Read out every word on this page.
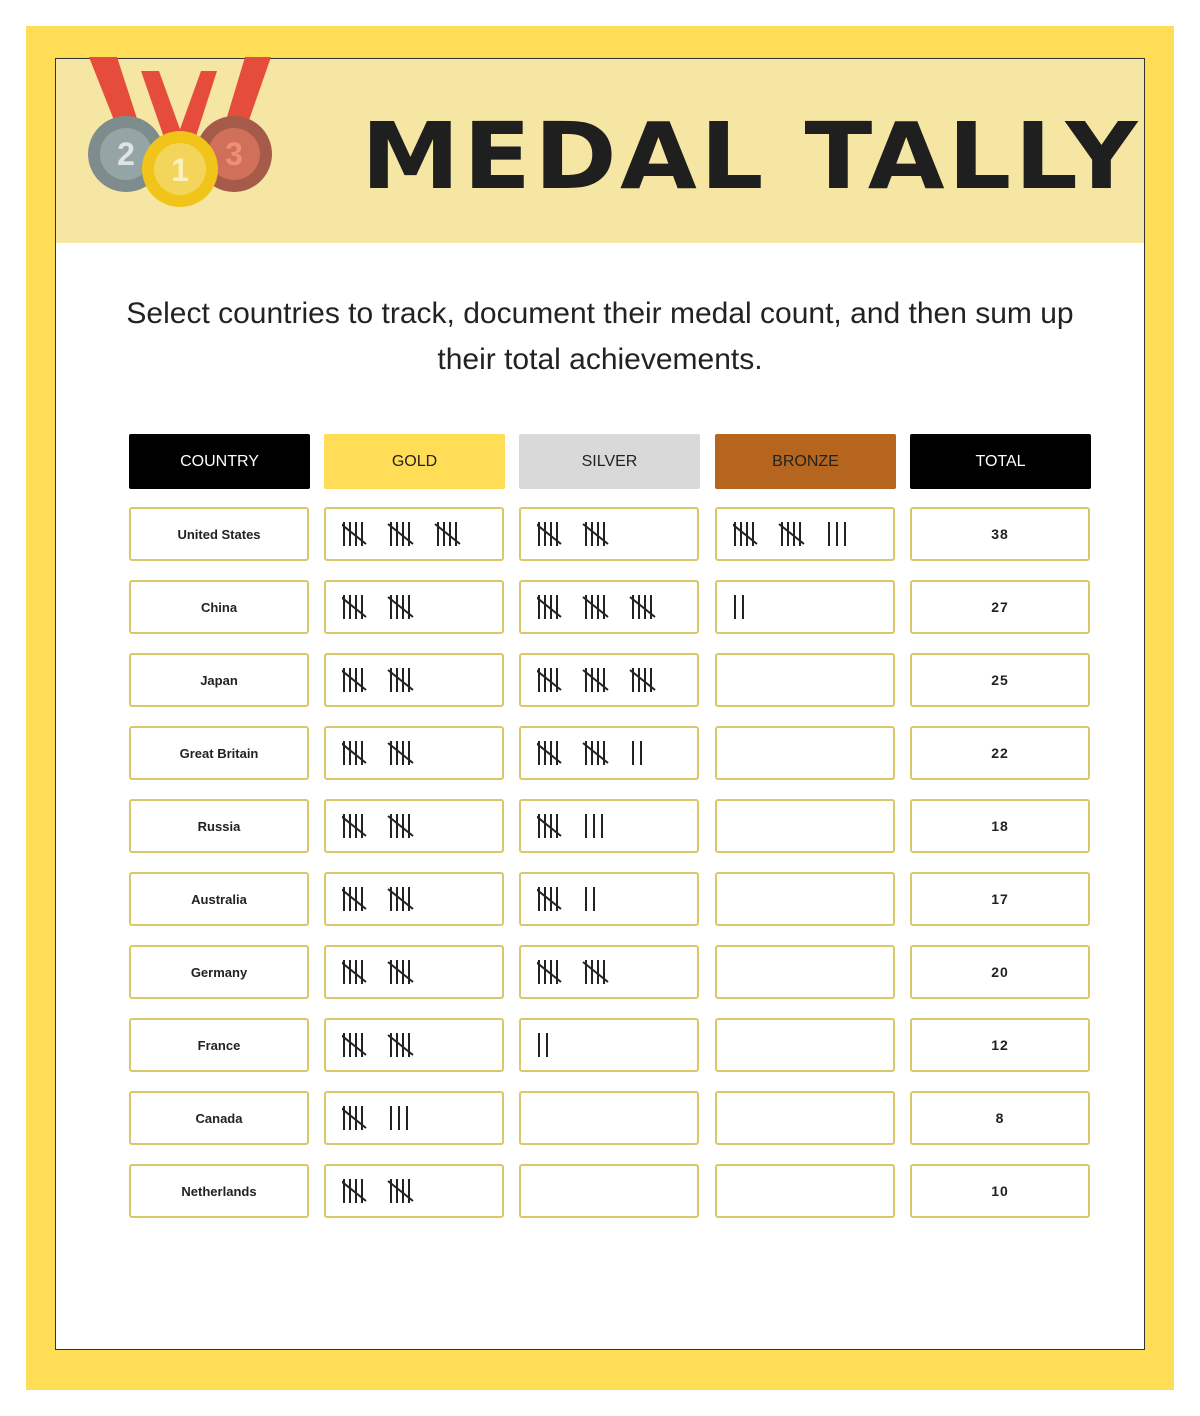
2	3
1 MEDAL TALLY
Select countries to track, document their medal count, and then sum up their total achievements.
COUNTRY	GOLD	SILVER	BRONZE	TOTAL
United States	38
China	27
Japan	25
Great Britain	22
Russia	18
Australia	17
Germany	20
France	12
Canada	8
Netherlands	10
